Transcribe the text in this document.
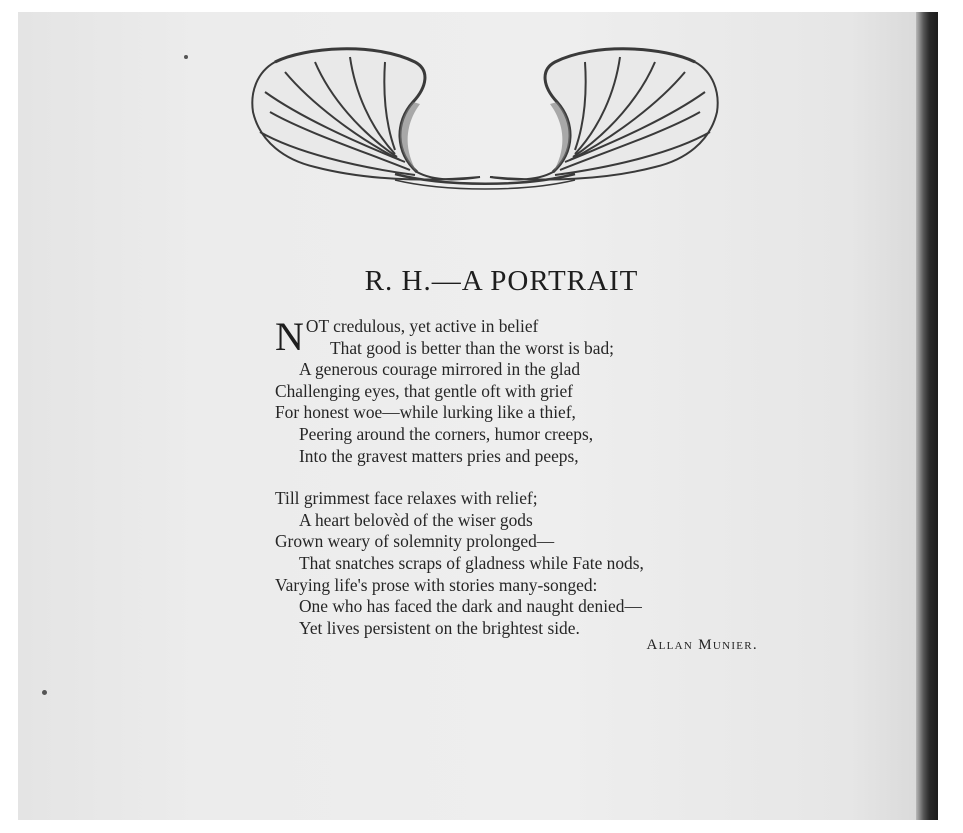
R. H.—A PORTRAIT
N OT credulous, yet active in belief
That good is better than the worst is bad;
A generous courage mirrored in the glad
Challenging eyes, that gentle oft with grief
For honest woe—while lurking like a thief,
Peering around the corners, humor creeps,
Into the gravest matters pries and peeps,
Till grimmest face relaxes with relief;
A heart belovèd of the wiser gods
Grown weary of solemnity prolonged—
That snatches scraps of gladness while Fate nods,
Varying life's prose with stories many-songed:
One who has faced the dark and naught denied—
Yet lives persistent on the brightest side.
Allan Munier.
